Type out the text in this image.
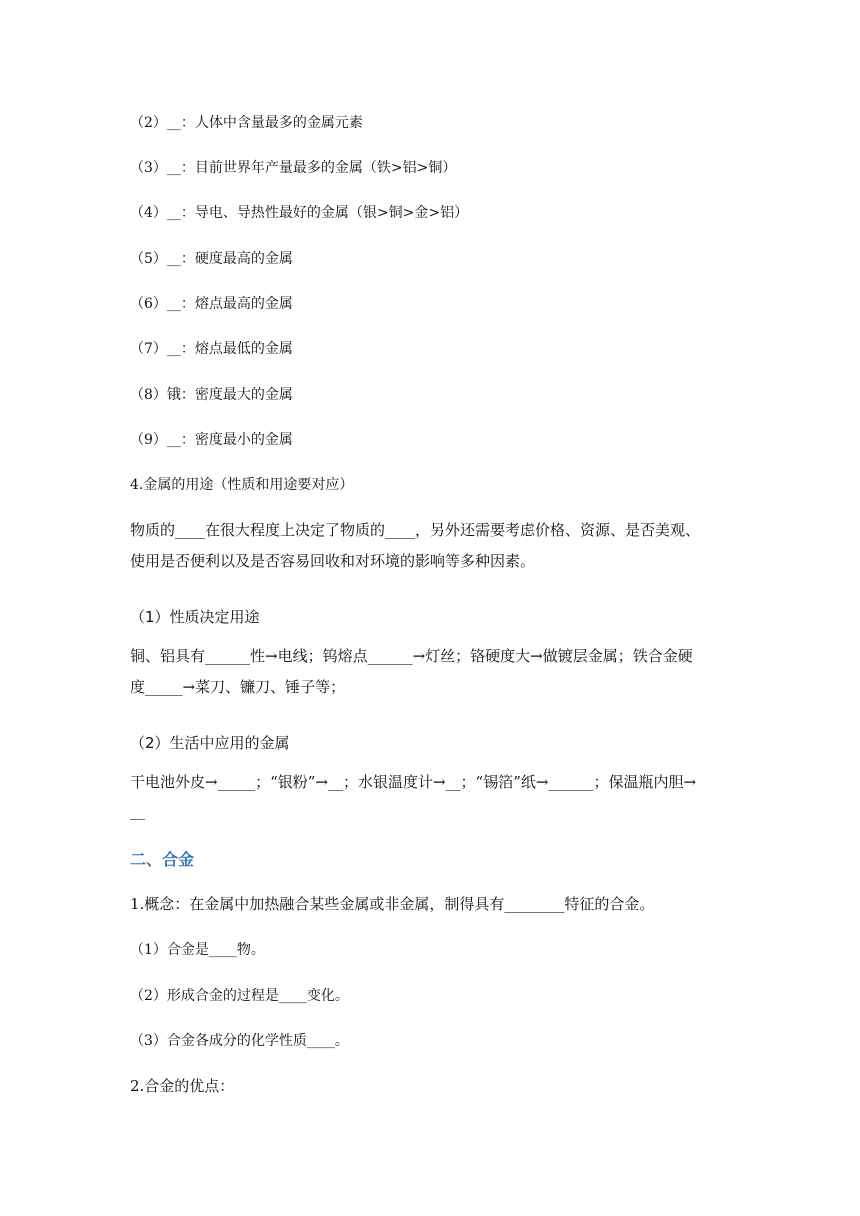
（2）__：人体中含量最多的金属元素
（3）__：目前世界年产量最多的金属（铁>铝>铜）
（4）__：导电、导热性最好的金属（银>铜>金>铝）
（5）__：硬度最高的金属
（6）__：熔点最高的金属
（7）__：熔点最低的金属
（8）锇：密度最大的金属
（9）__：密度最小的金属
4.金属的用途（性质和用途要对应）
物质的____在很大程度上决定了物质的____，另外还需要考虑价格、资源、是否美观、
使用是否便利以及是否容易回收和对环境的影响等多种因素。
（1）性质决定用途
铜、铝具有______性→电线；钨熔点______→灯丝；铬硬度大→做镀层金属；铁合金硬
度_____→菜刀、镰刀、锤子等；
（2）生活中应用的金属
干电池外皮→_____；“银粉”→__；水银温度计→__；“锡箔”纸→______；保温瓶内胆→
__
二、合金
1.概念：在金属中加热融合某些金属或非金属，制得具有________特征的合金。
（1）合金是____物。
（2）形成合金的过程是____变化。
（3）合金各成分的化学性质____。
2.合金的优点：
